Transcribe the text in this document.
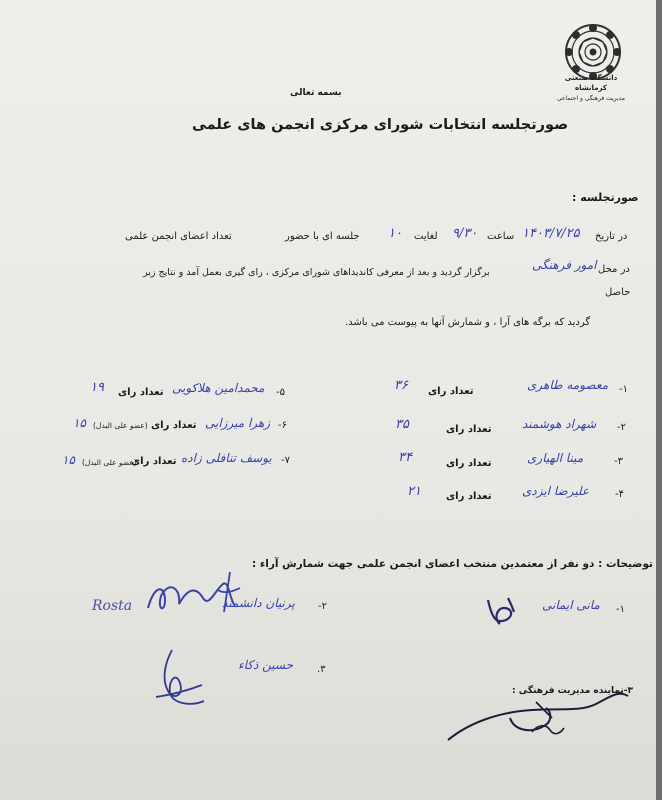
دانشگاه صنعتی
کرمانشاه
مدیریت فرهنگی و اجتماعی
بسمه تعالی
صورتجلسه انتخابات شورای مرکزی انجمن های علمی
صورتجلسه :
در تاریخ
۱۴۰۳/۷/۲۵
ساعت
۹/۳۰
لغایت
۱۰
جلسه ای با حضور
تعداد اعضای انجمن علمی
در محل
امور فرهنگی
برگزار گردید و بعد از معرفی کاندیداهای شورای مرکزی ، رای گیری بعمل آمد و نتایج زیر
حاصل
گردید که برگه های آرا ، و شمارش آنها به پیوست می باشد.
۱-
معصومه طاهری
تعداد رای
۳۶
۲-
شهراد هوشمند
تعداد رای
۳۵
۳-
مینا الهیاری
تعداد رای
۳۴
۴-
علیرضا ایزدی
تعداد رای
۲۱
۵-
محمدامین هلاکویی
تعداد رای
۱۹
۶-
زهرا میرزایی
تعداد رای
(عضو علی البدل)
۱۵
۷-
یوسف تنافلی زاده
تعداد رای
(عضو علی البدل)
۱۵
توضیحات : دو نفر از معتمدین منتخب اعضای انجمن علمی جهت شمارش آراء :
۱-
مانی ایمانی
۲-
پرنیان دانشمند
۳.
حسین ذکاء
۳-نماینده مدیریت فرهنگی :
Rosta
